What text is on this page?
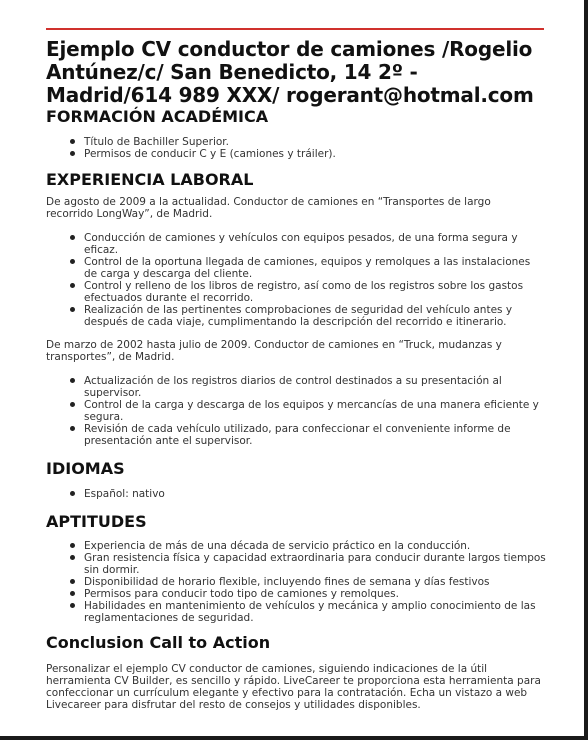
Ejemplo CV conductor de camiones /Rogelio Antúnez/c/ San Benedicto, 14 2º - Madrid/614 989 XXX/ rogerant@hotmal.com
FORMACIÓN ACADÉMICA
Título de Bachiller Superior.
Permisos de conducir C y E (camiones y tráiler).
EXPERIENCIA LABORAL

De agosto de 2009 a la actualidad. Conductor de camiones en “Transportes de largo recorrido LongWay”, de Madrid.

Conducción de camiones y vehículos con equipos pesados, de una forma segura y eficaz.
Control de la oportuna llegada de camiones, equipos y remolques a las instalaciones de carga y descarga del cliente.
Control y relleno de los libros de registro, así como de los registros sobre los gastos efectuados durante el recorrido.
Realización de las pertinentes comprobaciones de seguridad del vehículo antes y después de cada viaje, cumplimentando la descripción del recorrido e itinerario.

De marzo de 2002 hasta julio de 2009. Conductor de camiones en “Truck, mudanzas y transportes”, de Madrid.

Actualización de los registros diarios de control destinados a su presentación al supervisor.
Control de la carga y descarga de los equipos y mercancías de una manera eficiente y segura.
Revisión de cada vehículo utilizado, para confeccionar el conveniente informe de presentación ante el supervisor.
IDIOMAS
Español: nativo
APTITUDES
Experiencia de más de una década de servicio práctico en la conducción.
Gran resistencia física y capacidad extraordinaria para conducir durante largos tiempos sin dormir.
Disponibilidad de horario flexible, incluyendo fines de semana y días festivos
Permisos para conducir todo tipo de camiones y remolques.
Habilidades en mantenimiento de vehículos y mecánica y amplio conocimiento de las reglamentaciones de seguridad.
Conclusion Call to Action

Personalizar el ejemplo CV conductor de camiones, siguiendo indicaciones de la útil herramienta CV Builder, es sencillo y rápido. LiveCareer te proporciona esta herramienta para confeccionar un currículum elegante y efectivo para la contratación. Echa un vistazo a web Livecareer para disfrutar del resto de consejos y utilidades disponibles.
